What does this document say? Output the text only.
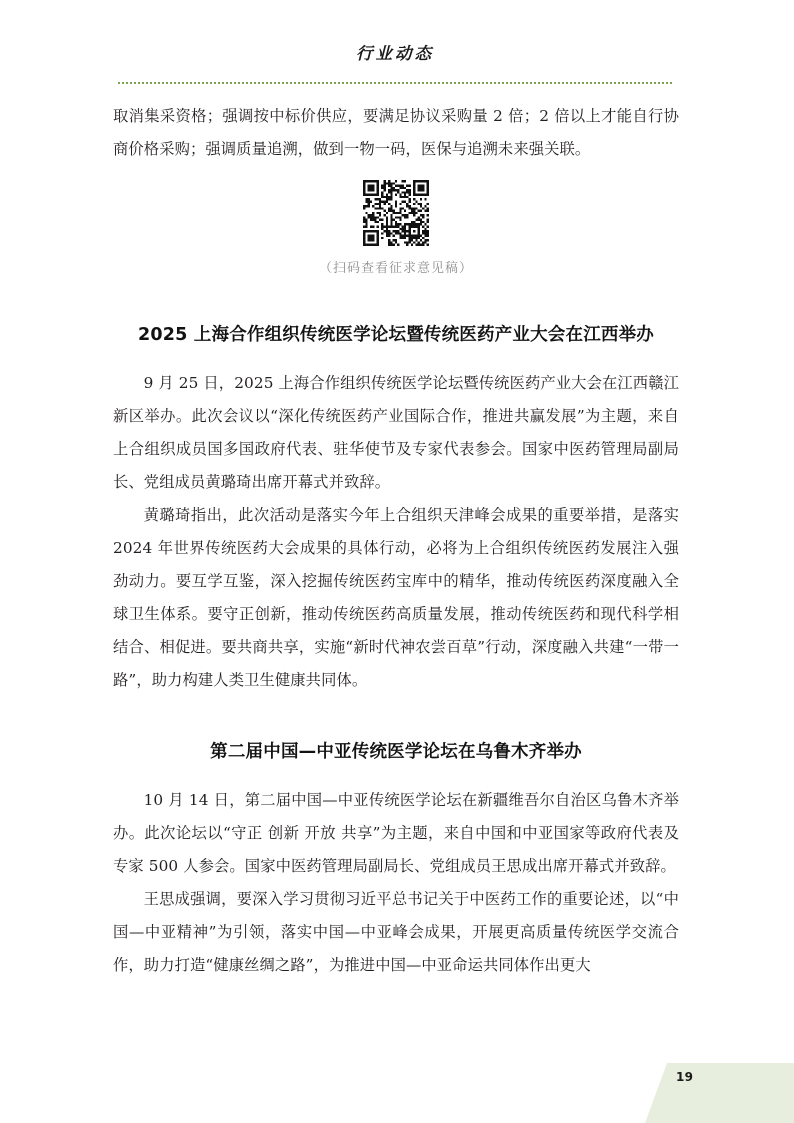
行业动态

取消集采资格；强调按中标价供应，要满足协议采购量 2 倍；2 倍以上才能自行协商价格采购；强调质量追溯，做到一物一码，医保与追溯未来强关联。

（扫码查看征求意见稿）
2025 上海合作组织传统医学论坛暨传统医药产业大会在江西举办

9 月 25 日，2025 上海合作组织传统医学论坛暨传统医药产业大会在江西赣江新区举办。此次会议以“深化传统医药产业国际合作，推进共赢发展”为主题，来自上合组织成员国多国政府代表、驻华使节及专家代表参会。国家中医药管理局副局长、党组成员黄璐琦出席开幕式并致辞。

黄璐琦指出，此次活动是落实今年上合组织天津峰会成果的重要举措，是落实 2024 年世界传统医药大会成果的具体行动，必将为上合组织传统医药发展注入强劲动力。要互学互鉴，深入挖掘传统医药宝库中的精华，推动传统医药深度融入全球卫生体系。要守正创新，推动传统医药高质量发展，推动传统医药和现代科学相结合、相促进。要共商共享，实施“新时代神农尝百草”行动，深度融入共建“一带一路”，助力构建人类卫生健康共同体。

第二届中国—中亚传统医学论坛在乌鲁木齐举办

10 月 14 日，第二届中国—中亚传统医学论坛在新疆维吾尔自治区乌鲁木齐举办。此次论坛以“守正 创新 开放 共享”为主题，来自中国和中亚国家等政府代表及专家 500 人参会。国家中医药管理局副局长、党组成员王思成出席开幕式并致辞。

王思成强调，要深入学习贯彻习近平总书记关于中医药工作的重要论述，以“中国—中亚精神”为引领，落实中国—中亚峰会成果，开展更高质量传统医学交流合作，助力打造“健康丝绸之路”，为推进中国—中亚命运共同体作出更大

19
